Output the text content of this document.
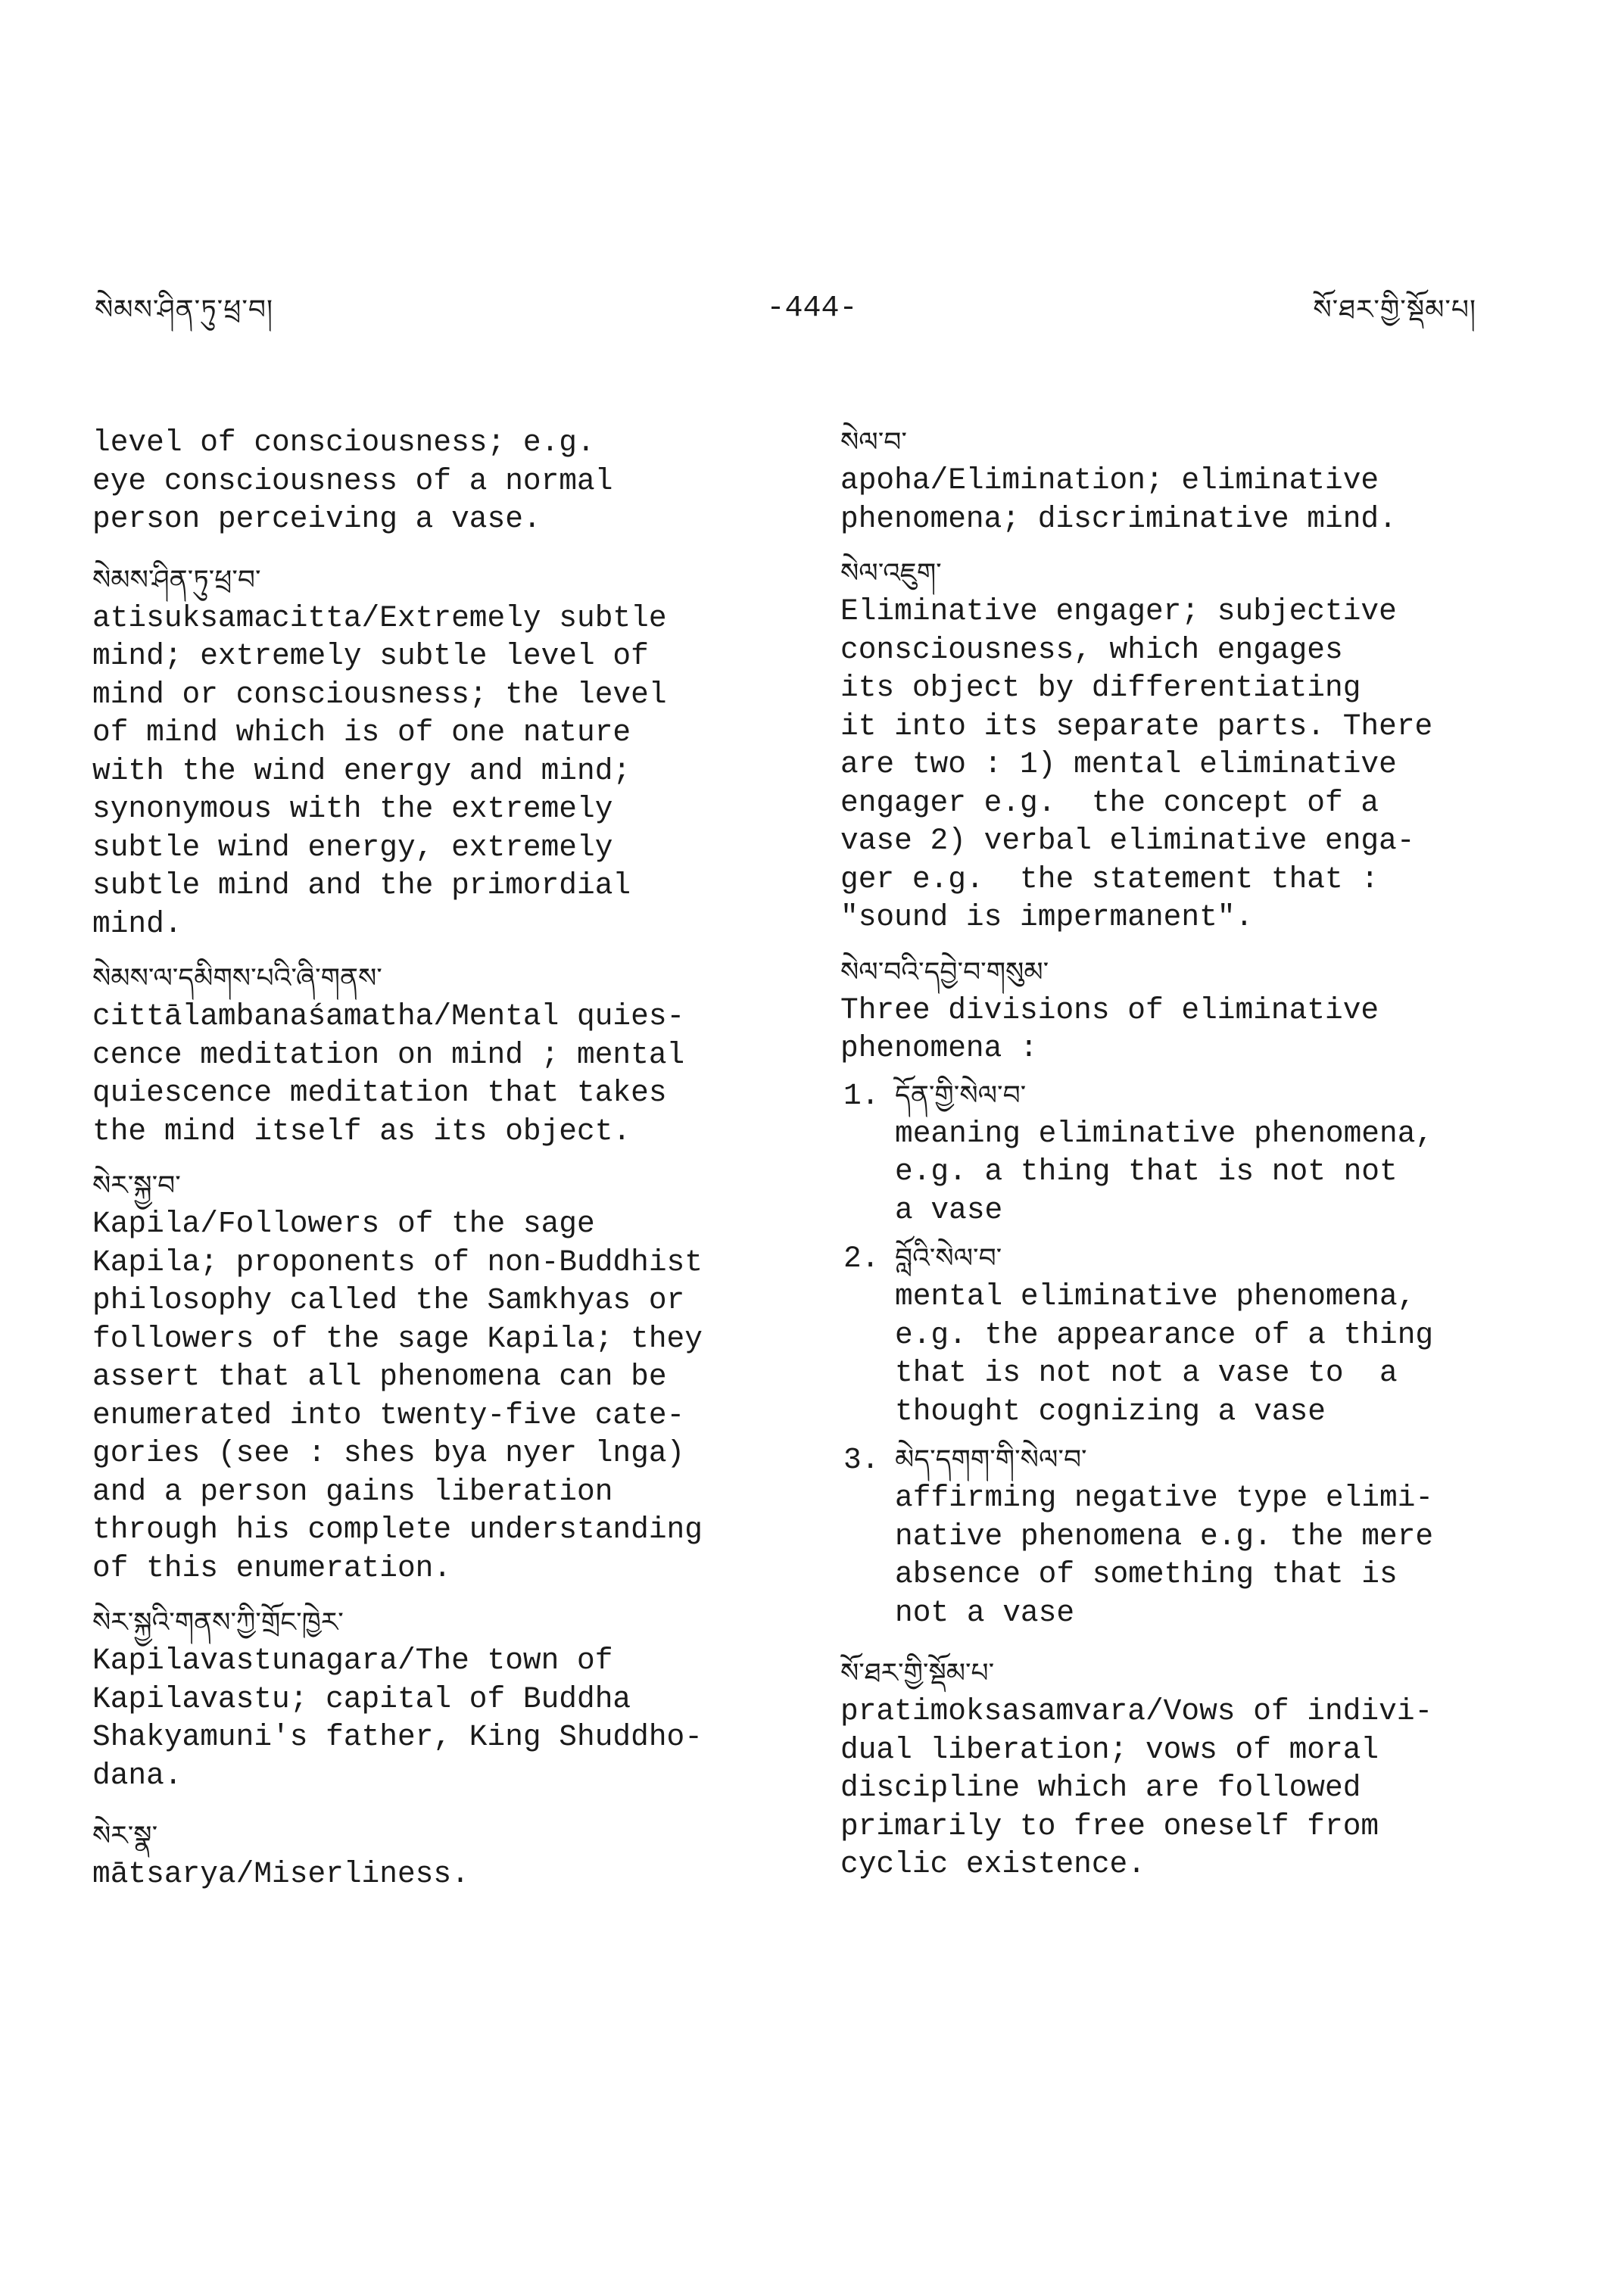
སེམས་ཤིན་ཏུ་ཕྲ་བ།	-444-	སོ་ཐར་གྱི་སྡོམ་པ།
level of consciousness; e.g.
eye consciousness of a normal
person perceiving a vase.
སེམས་ཤིན་ཏུ་ཕྲ་བ་
atisuksamacitta/Extremely subtle
mind; extremely subtle level of
mind or consciousness; the level
of mind which is of one nature
with the wind energy and mind;
synonymous with the extremely
subtle wind energy, extremely
subtle mind and the primordial
mind.
སེམས་ལ་དམིགས་པའི་ཞི་གནས་
cittālambanaśamatha/Mental quies-
cence meditation on mind ; mental
quiescence meditation that takes
the mind itself as its object.
སེར་སྐྱ་བ་
Kapila/Followers of the sage
Kapila; proponents of non-Buddhist
philosophy called the Samkhyas or
followers of the sage Kapila; they
assert that all phenomena can be
enumerated into twenty-five cate-
gories (see : shes bya nyer lnga)
and a person gains liberation
through his complete understanding
of this enumeration.
སེར་སྐྱའི་གནས་ཀྱི་གྲོང་ཁྱེར་
Kapilavastunagara/The town of
Kapilavastu; capital of Buddha
Shakyamuni's father, King Shuddho-
dana.
སེར་སྣ་
mātsarya/Miserliness.
སེལ་བ་
apoha/Elimination; eliminative
phenomena; discriminative mind.
སེལ་འཇུག་
Eliminative engager; subjective
consciousness, which engages
its object by differentiating
it into its separate parts. There
are two : 1) mental eliminative
engager e.g.  the concept of a
vase 2) verbal eliminative enga-
ger e.g.  the statement that :
"sound is impermanent".
སེལ་བའི་དབྱེ་བ་གསུམ་
Three divisions of eliminative
phenomena :
1. དོན་གྱི་སེལ་བ་
meaning eliminative phenomena,
e.g. a thing that is not not
a vase
2. བློའི་སེལ་བ་
mental eliminative phenomena,
e.g. the appearance of a thing
that is not not a vase to  a
thought cognizing a vase
3. མེད་དགག་གི་སེལ་བ་
affirming negative type elimi-
native phenomena e.g. the mere
absence of something that is
not a vase
སོ་ཐར་གྱི་སྡོམ་པ་
pratimoksasamvara/Vows of indivi-
dual liberation; vows of moral
discipline which are followed
primarily to free oneself from
cyclic existence.
